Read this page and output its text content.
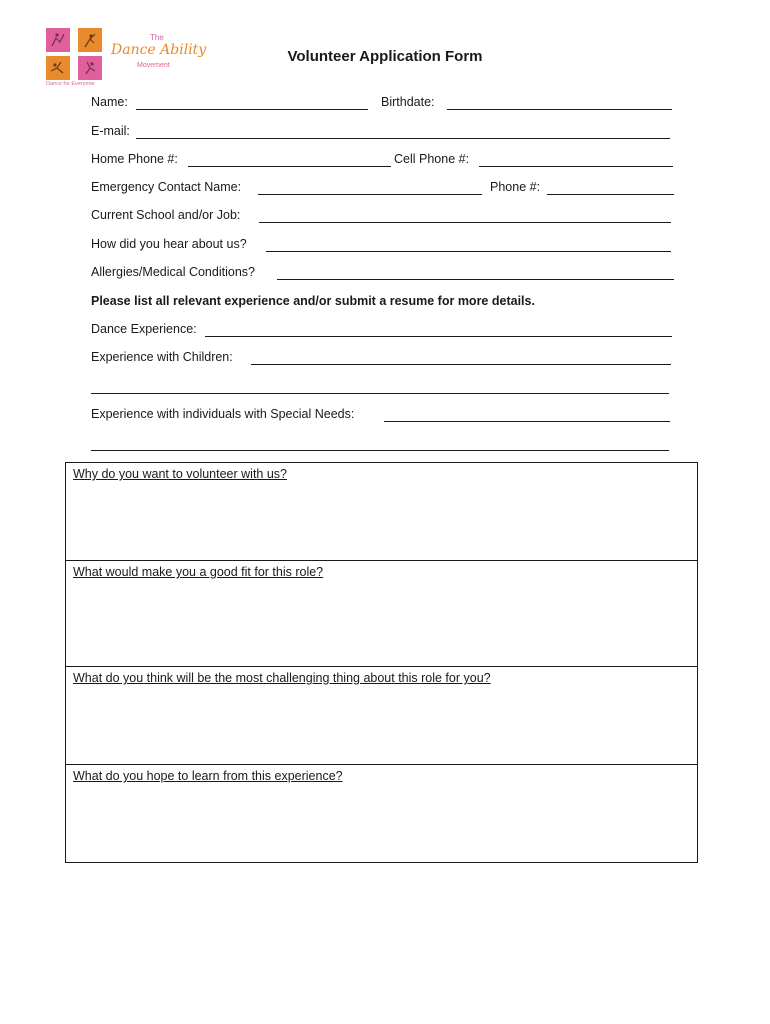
The
Dance Ability
Movement
Dance for Everyone
Volunteer Application Form
Name:	Birthdate:
E-mail:
Home Phone #:	Cell Phone #:
Emergency Contact Name:	Phone #:
Current School and/or Job:
How did you hear about us?
Allergies/Medical Conditions?
Please list all relevant experience and/or submit a resume for more details.
Dance Experience:
Experience with Children:
Experience with individuals with Special Needs:
Why do you want to volunteer with us?
What would make you a good fit for this role?
What do you think will be the most challenging thing about this role for you?
What do you hope to learn from this experience?
